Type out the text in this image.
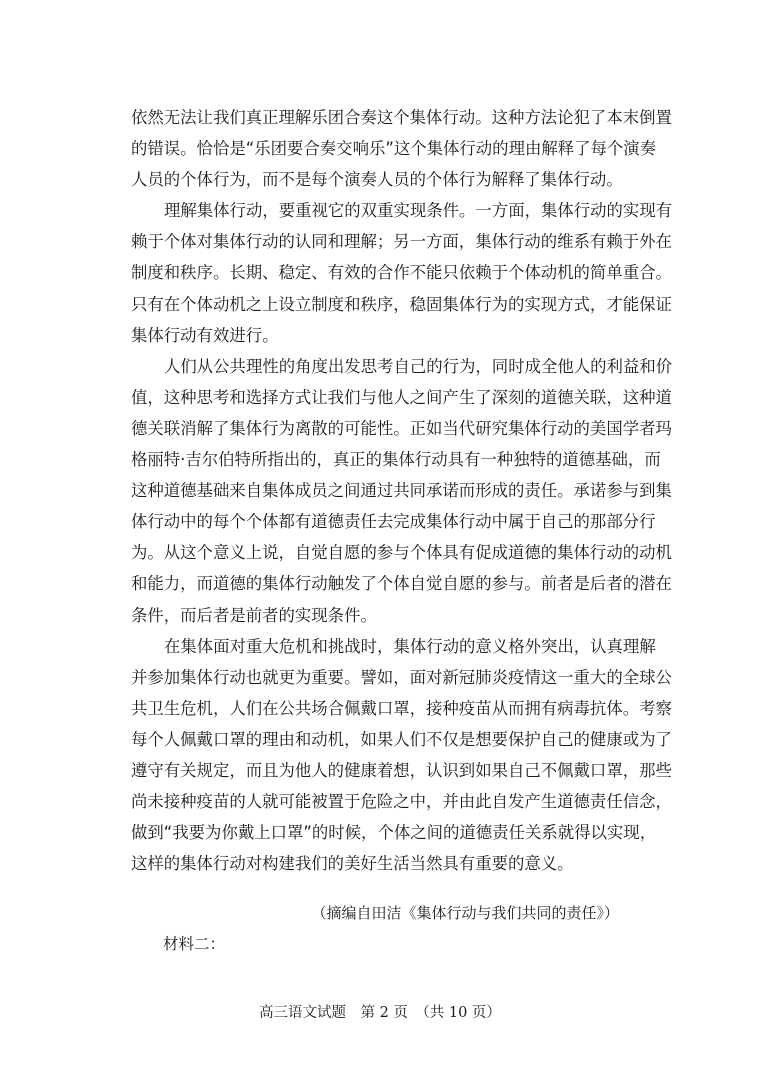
依然无法让我们真正理解乐团合奏这个集体行动。这种方法论犯了本末倒置
的错误。恰恰是“乐团要合奏交响乐”这个集体行动的理由解释了每个演奏
人员的个体行为，而不是每个演奏人员的个体行为解释了集体行动。
理解集体行动，要重视它的双重实现条件。一方面，集体行动的实现有
赖于个体对集体行动的认同和理解；另一方面，集体行动的维系有赖于外在
制度和秩序。长期、稳定、有效的合作不能只依赖于个体动机的简单重合。
只有在个体动机之上设立制度和秩序，稳固集体行为的实现方式，才能保证
集体行动有效进行。
人们从公共理性的角度出发思考自己的行为，同时成全他人的利益和价
值，这种思考和选择方式让我们与他人之间产生了深刻的道德关联，这种道
德关联消解了集体行为离散的可能性。正如当代研究集体行动的美国学者玛
格丽特·吉尔伯特所指出的，真正的集体行动具有一种独特的道德基础，而
这种道德基础来自集体成员之间通过共同承诺而形成的责任。承诺参与到集
体行动中的每个个体都有道德责任去完成集体行动中属于自己的那部分行
为。从这个意义上说，自觉自愿的参与个体具有促成道德的集体行动的动机
和能力，而道德的集体行动触发了个体自觉自愿的参与。前者是后者的潜在
条件，而后者是前者的实现条件。
在集体面对重大危机和挑战时，集体行动的意义格外突出，认真理解
并参加集体行动也就更为重要。譬如，面对新冠肺炎疫情这一重大的全球公
共卫生危机，人们在公共场合佩戴口罩，接种疫苗从而拥有病毒抗体。考察
每个人佩戴口罩的理由和动机，如果人们不仅是想要保护自己的健康或为了
遵守有关规定，而且为他人的健康着想，认识到如果自己不佩戴口罩，那些
尚未接种疫苗的人就可能被置于危险之中，并由此自发产生道德责任信念，
做到“我要为你戴上口罩”的时候，个体之间的道德责任关系就得以实现，
这样的集体行动对构建我们的美好生活当然具有重要的意义。
（摘编自田洁《集体行动与我们共同的责任》）
材料二：
高三语文试题　第 2 页　（共 10 页）
